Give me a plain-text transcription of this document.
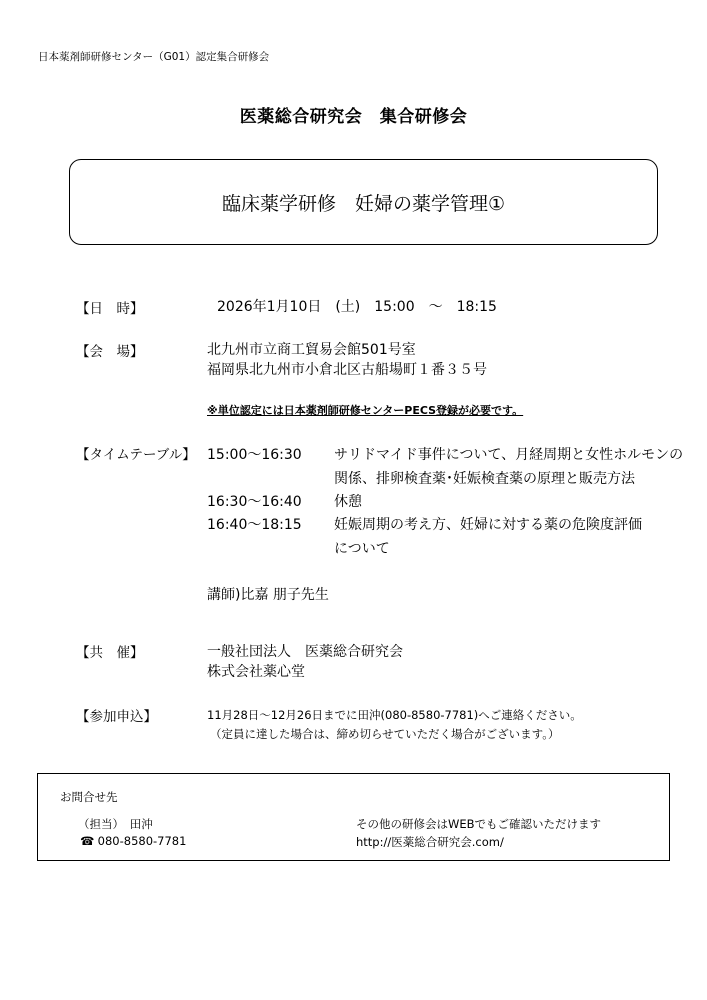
日本薬剤師研修センター（G01）認定集合研修会
医薬総合研究会　集合研修会
臨床薬学研修　妊婦の薬学管理①
【日　時】	2026年1月10日　(土)　15:00　～　18:15
【会　場】	北九州市立商工貿易会館501号室
福岡県北九州市小倉北区古船場町１番３５号
※単位認定には日本薬剤師研修センターPECS登録が必要です。
【タイムテーブル】 15:00～16:30 サリドマイド事件について、月経周期と女性ホルモンの
関係、排卵検査薬･妊娠検査薬の原理と販売方法
16:30～16:40 休憩
16:40～18:15 妊娠周期の考え方、妊婦に対する薬の危険度評価
について
講師)比嘉 朋子先生
【共　催】	一般社団法人　医薬総合研究会
株式会社薬心堂
【参加申込】	11月28日～12月26日までに田沖(080-8580-7781)へご連絡ください。
（定員に達した場合は、締め切らせていただく場合がございます。）
お問合せ先
（担当）　田沖
☎ 080-8580-7781
その他の研修会はWEBでもご確認いただけます
http://医薬総合研究会.com/
